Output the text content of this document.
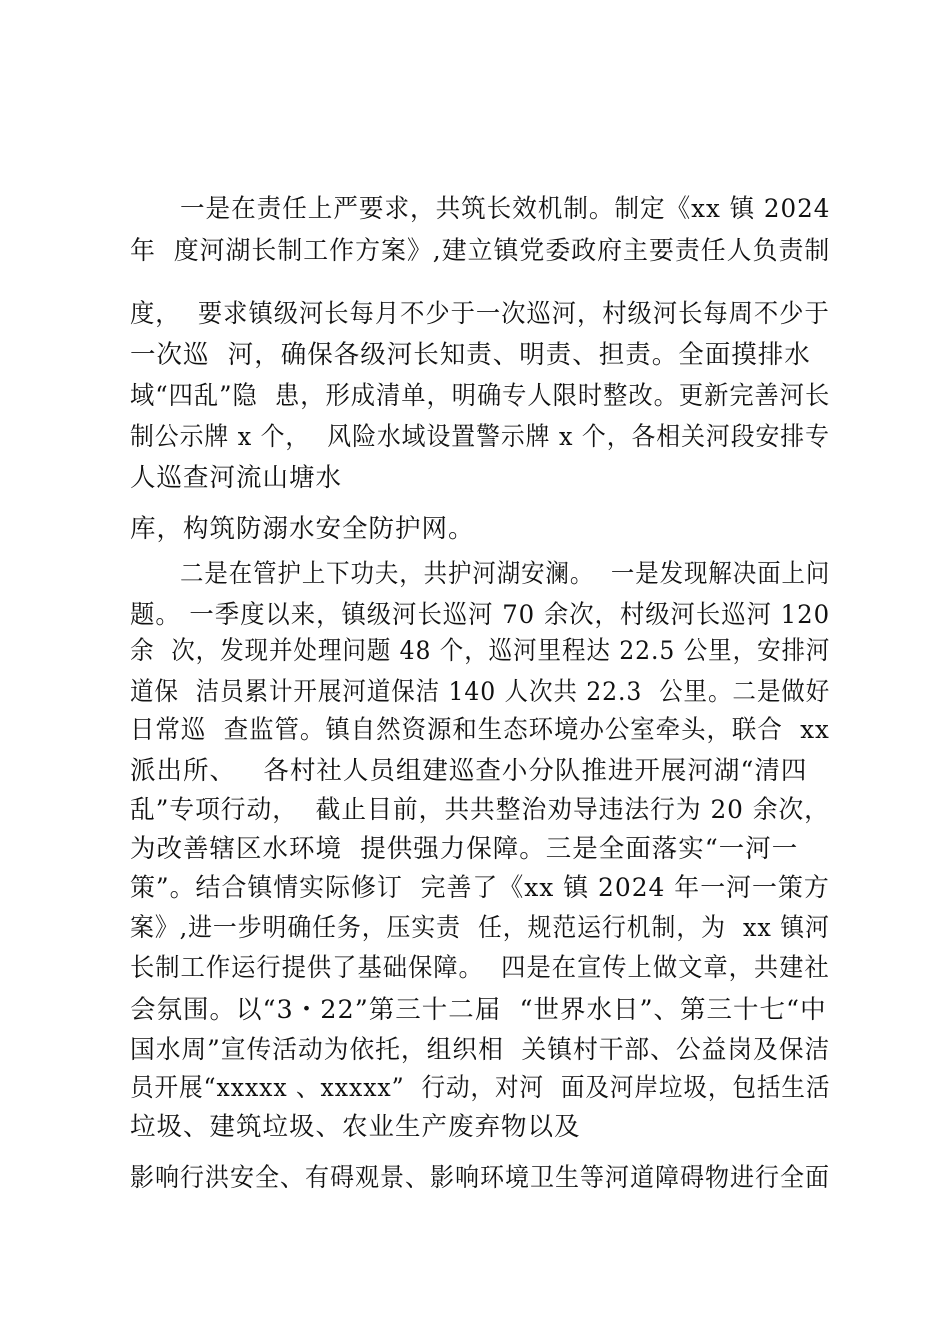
一是在责任上严要求，共筑长效机制。制定《xx 镇 2024
年  度河湖长制工作方案》,建立镇党委政府主要责任人负责制
度，  要求镇级河长每月不少于一次巡河，村级河长每周不少于
一次巡  河，确保各级河长知责、明责、担责。全面摸排水
域“四乱”隐  患，形成清单，明确专人限时整改。更新完善河长
制公示牌 x 个，  风险水域设置警示牌 x 个，各相关河段安排专
人巡查河流山塘水
库，构筑防溺水安全防护网。
二是在管护上下功夫，共护河湖安澜。  一是发现解决面上问
题。 一季度以来，镇级河长巡河 70 余次，村级河长巡河 120
余  次，发现并处理问题 48 个，巡河里程达 22.5 公里，安排河
道保  洁员累计开展河道保洁 140 人次共 22.3  公里。二是做好
日常巡  查监管。镇自然资源和生态环境办公室牵头，联合  xx
派出所、   各村社人员组建巡查小分队推进开展河湖“清四
乱”专项行动，  截止目前，共共整治劝导违法行为 20 余次，
为改善辖区水环境  提供强力保障。三是全面落实“一河一
策”。结合镇情实际修订  完善了《xx 镇 2024 年一河一策方
案》,进一步明确任务，压实责  任，规范运行机制，为  xx 镇河
长制工作运行提供了基础保障。  四是在宣传上做文章，共建社
会氛围。以“3・22”第三十二届  “世界水日”、第三十七“中
国水周”宣传活动为依托，组织相  关镇村干部、公益岗及保洁
员开展“xxxxx 、xxxxx”  行动，对河  面及河岸垃圾，包括生活
垃圾、建筑垃圾、农业生产废弃物以及
影响行洪安全、有碍观景、影响环境卫生等河道障碍物进行全面
